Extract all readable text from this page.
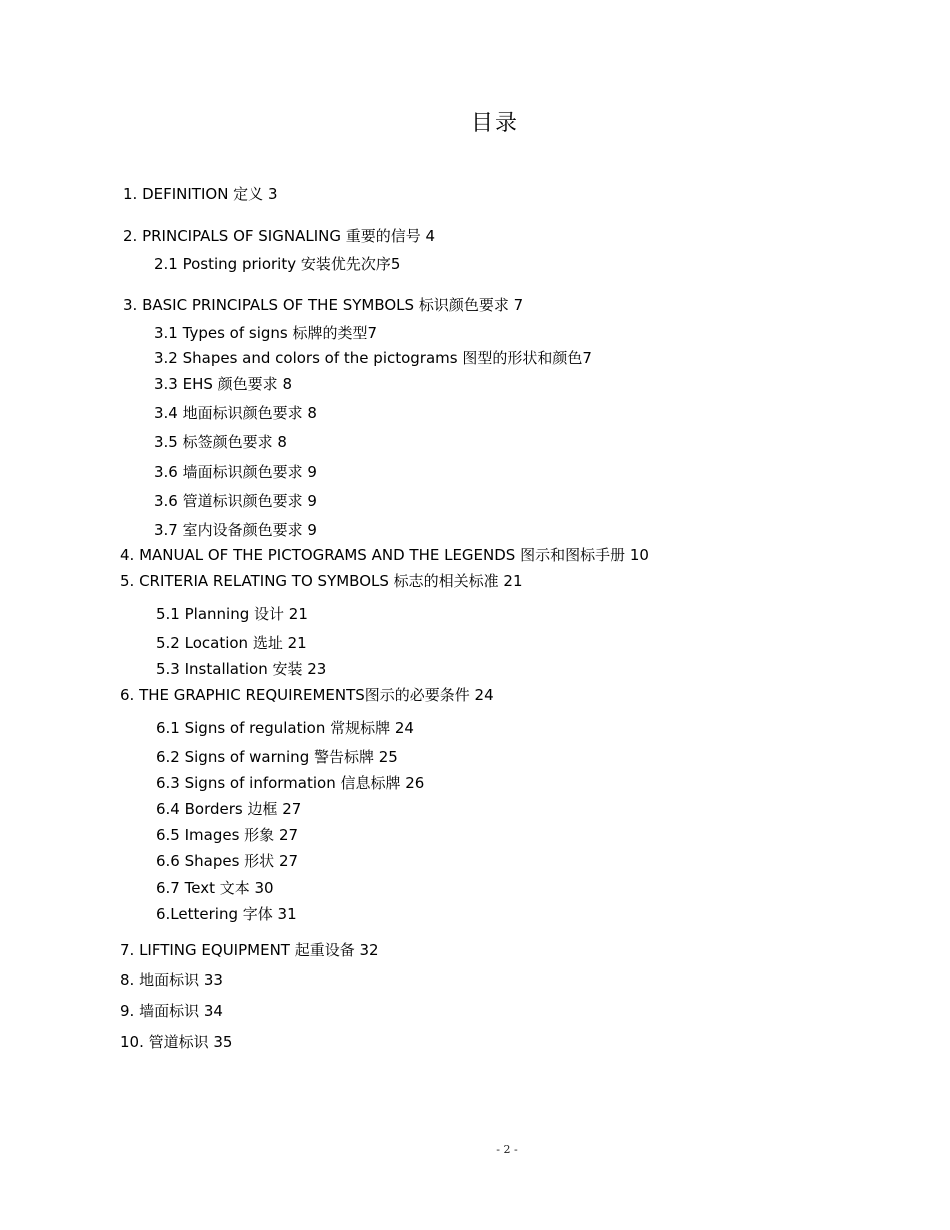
目录

1. DEFINITION 定义 3

2. PRINCIPALS OF SIGNALING 重要的信号 4

2.1 Posting priority 安装优先次序5

3. BASIC PRINCIPALS OF THE SYMBOLS 标识颜色要求 7

3.1 Types of signs 标牌的类型7

3.2 Shapes and colors of the pictograms 图型的形状和颜色7

3.3 EHS 颜色要求 8

3.4 地面标识颜色要求 8

3.5 标签颜色要求 8

3.6 墙面标识颜色要求 9

3.6 管道标识颜色要求 9

3.7 室内设备颜色要求 9

4. MANUAL OF THE PICTOGRAMS AND THE LEGENDS 图示和图标手册 10

5. CRITERIA RELATING TO SYMBOLS 标志的相关标准 21

5.1 Planning 设计 21

5.2 Location 选址 21

5.3 Installation 安装 23

6. THE GRAPHIC REQUIREMENTS图示的必要条件 24

6.1 Signs of regulation 常规标牌 24

6.2 Signs of warning 警告标牌 25

6.3 Signs of information 信息标牌 26

6.4 Borders 边框 27

6.5 Images 形象 27

6.6 Shapes 形状 27

6.7 Text 文本 30

6.Lettering 字体 31

7. LIFTING EQUIPMENT 起重设备 32

8. 地面标识 33

9. 墙面标识 34

10. 管道标识 35

- 2 -
